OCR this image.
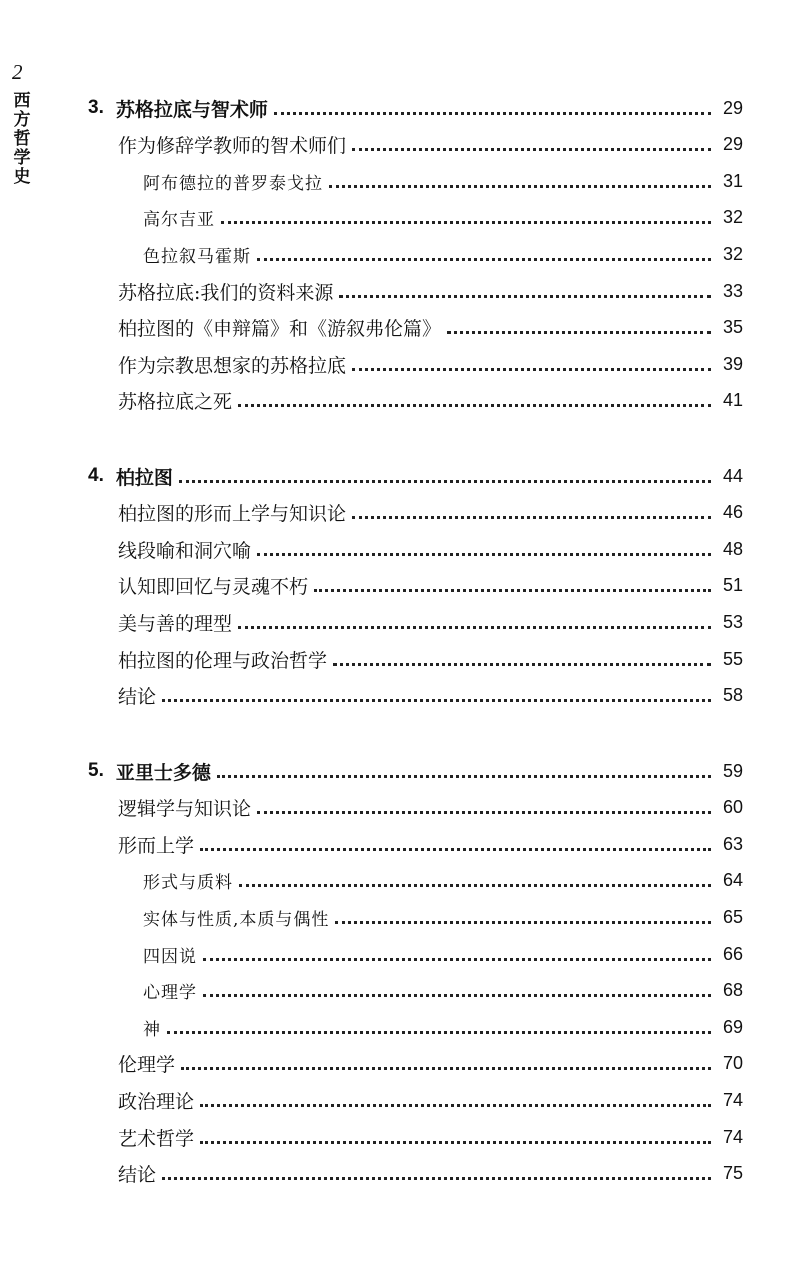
2
西方哲学史
3. 苏格拉底与智术师	29
作为修辞学教师的智术师们	29
阿布德拉的普罗泰戈拉	31
高尔吉亚	32
色拉叙马霍斯	32
苏格拉底:我们的资料来源	33
柏拉图的《申辩篇》和《游叙弗伦篇》	35
作为宗教思想家的苏格拉底	39
苏格拉底之死	41
4. 柏拉图	44
柏拉图的形而上学与知识论	46
线段喻和洞穴喻	48
认知即回忆与灵魂不朽	51
美与善的理型	53
柏拉图的伦理与政治哲学	55
结论	58
5. 亚里士多德	59
逻辑学与知识论	60
形而上学	63
形式与质料	64
实体与性质,本质与偶性	65
四因说	66
心理学	68
神	69
伦理学	70
政治理论	74
艺术哲学	74
结论	75
